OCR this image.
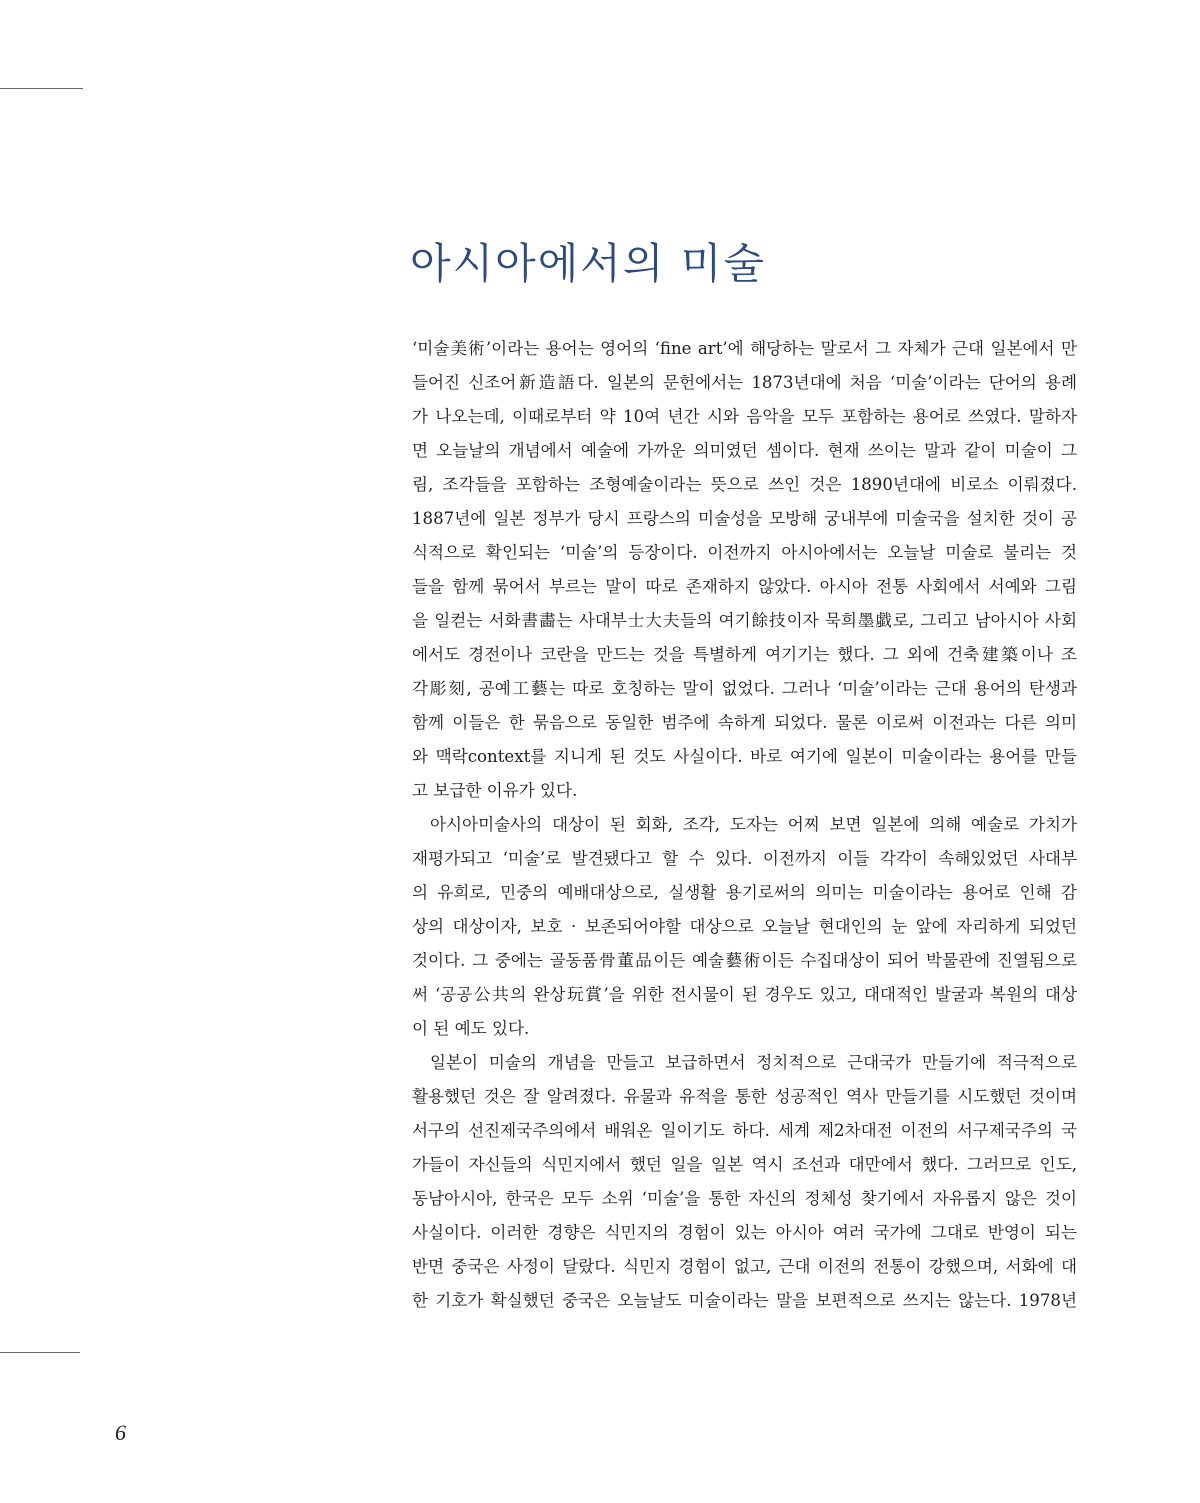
아시아에서의 미술
‘미술美術’이라는 용어는 영어의 ‘fine art’에 해당하는 말로서 그 자체가 근대 일본에서 만
들어진 신조어新造語다. 일본의 문헌에서는 1873년대에 처음 ‘미술’이라는 단어의 용례
가 나오는데, 이때로부터 약 10여 년간 시와 음악을 모두 포함하는 용어로 쓰였다. 말하자
면 오늘날의 개념에서 예술에 가까운 의미였던 셈이다. 현재 쓰이는 말과 같이 미술이 그
림, 조각들을 포함하는 조형예술이라는 뜻으로 쓰인 것은 1890년대에 비로소 이뤄졌다.
1887년에 일본 정부가 당시 프랑스의 미술성을 모방해 궁내부에 미술국을 설치한 것이 공
식적으로 확인되는 ‘미술’의 등장이다. 이전까지 아시아에서는 오늘날 미술로 불리는 것
들을 함께 묶어서 부르는 말이 따로 존재하지 않았다. 아시아 전통 사회에서 서예와 그림
을 일컫는 서화書畵는 사대부士大夫들의 여기餘技이자 묵희墨戱로, 그리고 남아시아 사회
에서도 경전이나 코란을 만드는 것을 특별하게 여기기는 했다. 그 외에 건축建築이나 조
각彫刻, 공예工藝는 따로 호칭하는 말이 없었다. 그러나 ‘미술’이라는 근대 용어의 탄생과
함께 이들은 한 묶음으로 동일한 범주에 속하게 되었다. 물론 이로써 이전과는 다른 의미
와 맥락context를 지니게 된 것도 사실이다. 바로 여기에 일본이 미술이라는 용어를 만들
고 보급한 이유가 있다.
아시아미술사의 대상이 된 회화, 조각, 도자는 어찌 보면 일본에 의해 예술로 가치가
재평가되고 ‘미술’로 발견됐다고 할 수 있다. 이전까지 이들 각각이 속해있었던 사대부
의 유희로, 민중의 예배대상으로, 실생활 용기로써의 의미는 미술이라는 용어로 인해 감
상의 대상이자, 보호 · 보존되어야할 대상으로 오늘날 현대인의 눈 앞에 자리하게 되었던
것이다. 그 중에는 골동품骨董品이든 예술藝術이든 수집대상이 되어 박물관에 진열됨으로
써 ‘공공公共의 완상玩賞’을 위한 전시물이 된 경우도 있고, 대대적인 발굴과 복원의 대상
이 된 예도 있다.
일본이 미술의 개념을 만들고 보급하면서 정치적으로 근대국가 만들기에 적극적으로
활용했던 것은 잘 알려졌다. 유물과 유적을 통한 성공적인 역사 만들기를 시도했던 것이며
서구의 선진제국주의에서 배워온 일이기도 하다. 세계 제2차대전 이전의 서구제국주의 국
가들이 자신들의 식민지에서 했던 일을 일본 역시 조선과 대만에서 했다. 그러므로 인도,
동남아시아, 한국은 모두 소위 ‘미술’을 통한 자신의 정체성 찾기에서 자유롭지 않은 것이
사실이다. 이러한 경향은 식민지의 경험이 있는 아시아 여러 국가에 그대로 반영이 되는
반면 중국은 사정이 달랐다. 식민지 경험이 없고, 근대 이전의 전통이 강했으며, 서화에 대
한 기호가 확실했던 중국은 오늘날도 미술이라는 말을 보편적으로 쓰지는 않는다. 1978년
6
